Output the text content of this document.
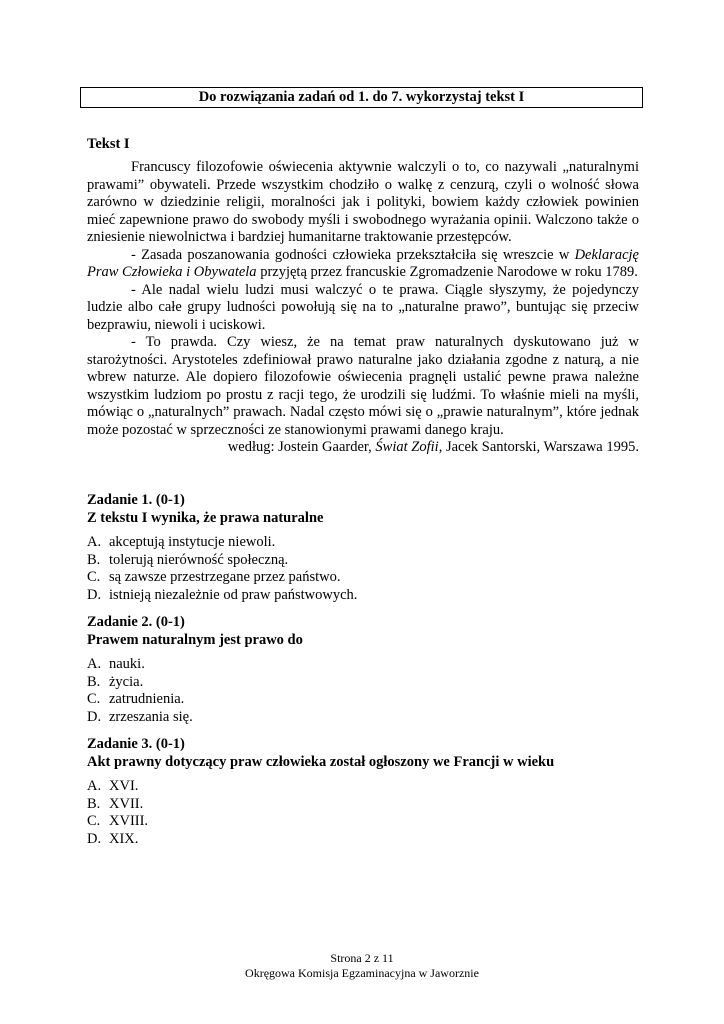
Do rozwiązania zadań od 1. do 7. wykorzystaj tekst I
Tekst I

Francuscy filozofowie oświecenia aktywnie walczyli o to, co nazywali „naturalnymi prawami” obywateli. Przede wszystkim chodziło o walkę z cenzurą, czyli o wolność słowa zarówno w dziedzinie religii, moralności jak i polityki, bowiem każdy człowiek powinien mieć zapewnione prawo do swobody myśli i swobodnego wyrażania opinii. Walczono także o zniesienie niewolnictwa i bardziej humanitarne traktowanie przestępców.

- Zasada poszanowania godności człowieka przekształciła się wreszcie w Deklarację Praw Człowieka i Obywatela przyjętą przez francuskie Zgromadzenie Narodowe w roku 1789.

- Ale nadal wielu ludzi musi walczyć o te prawa. Ciągle słyszymy, że pojedynczy ludzie albo całe grupy ludności powołują się na to „naturalne prawo”, buntując się przeciw bezprawiu, niewoli i uciskowi.

- To prawda. Czy wiesz, że na temat praw naturalnych dyskutowano już w starożytności. Arystoteles zdefiniował prawo naturalne jako działania zgodne z naturą, a nie wbrew naturze. Ale dopiero filozofowie oświecenia pragnęli ustalić pewne prawa należne wszystkim ludziom po prostu z racji tego, że urodzili się ludźmi. To właśnie mieli na myśli, mówiąc o „naturalnych” prawach. Nadal często mówi się o „prawie naturalnym”, które jednak może pozostać w sprzeczności ze stanowionymi prawami danego kraju.

według: Jostein Gaarder, Świat Zofii, Jacek Santorski, Warszawa 1995.

Zadanie 1. (0-1)

Z tekstu I wynika, że prawa naturalne

A. akceptują instytucje niewoli.

B. tolerują nierówność społeczną.

C. są zawsze przestrzegane przez państwo.

D. istnieją niezależnie od praw państwowych.

Zadanie 2. (0-1)

Prawem naturalnym jest prawo do

A. nauki.

B. życia.

C. zatrudnienia.

D. zrzeszania się.

Zadanie 3. (0-1)

Akt prawny dotyczący praw człowieka został ogłoszony we Francji w wieku

A. XVI.

B. XVII.

C. XVIII.

D. XIX.

Strona 2 z 11
Okręgowa Komisja Egzaminacyjna w Jaworznie
